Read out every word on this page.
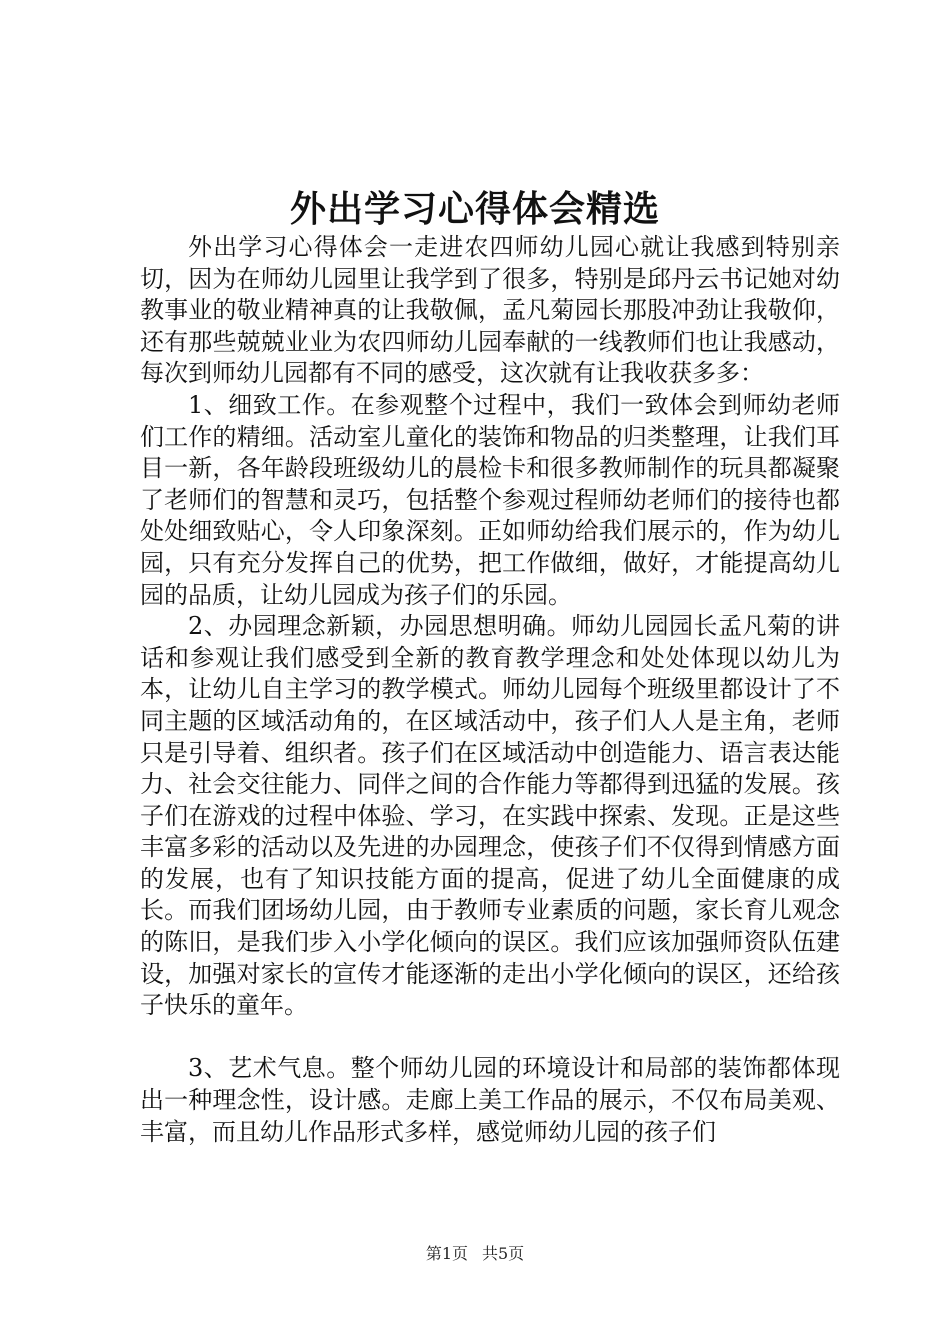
外出学习心得体会精选

外出学习心得体会一走进农四师幼儿园心就让我感到特别亲切，因为在师幼儿园里让我学到了很多，特别是邱丹云书记她对幼教事业的敬业精神真的让我敬佩，孟凡菊园长那股冲劲让我敬仰，还有那些兢兢业业为农四师幼儿园奉献的一线教师们也让我感动，每次到师幼儿园都有不同的感受，这次就有让我收获多多：

1、细致工作。在参观整个过程中，我们一致体会到师幼老师们工作的精细。活动室儿童化的装饰和物品的归类整理，让我们耳目一新，各年龄段班级幼儿的晨检卡和很多教师制作的玩具都凝聚了老师们的智慧和灵巧，包括整个参观过程师幼老师们的接待也都处处细致贴心，令人印象深刻。正如师幼给我们展示的，作为幼儿园，只有充分发挥自己的优势，把工作做细，做好，才能提高幼儿园的品质，让幼儿园成为孩子们的乐园。

2、办园理念新颖，办园思想明确。师幼儿园园长孟凡菊的讲话和参观让我们感受到全新的教育教学理念和处处体现以幼儿为本，让幼儿自主学习的教学模式。师幼儿园每个班级里都设计了不同主题的区域活动角的，在区域活动中，孩子们人人是主角，老师只是引导着、组织者。孩子们在区域活动中创造能力、语言表达能力、社会交往能力、同伴之间的合作能力等都得到迅猛的发展。孩子们在游戏的过程中体验、学习，在实践中探索、发现。正是这些丰富多彩的活动以及先进的办园理念，使孩子们不仅得到情感方面的发展，也有了知识技能方面的提高，促进了幼儿全面健康的成长。而我们团场幼儿园，由于教师专业素质的问题，家长育儿观念的陈旧，是我们步入小学化倾向的误区。我们应该加强师资队伍建设，加强对家长的宣传才能逐渐的走出小学化倾向的误区，还给孩子快乐的童年。

3、艺术气息。整个师幼儿园的环境设计和局部的装饰都体现出一种理念性，设计感。走廊上美工作品的展示，不仅布局美观、丰富，而且幼儿作品形式多样，感觉师幼儿园的孩子们

第1页 共5页
